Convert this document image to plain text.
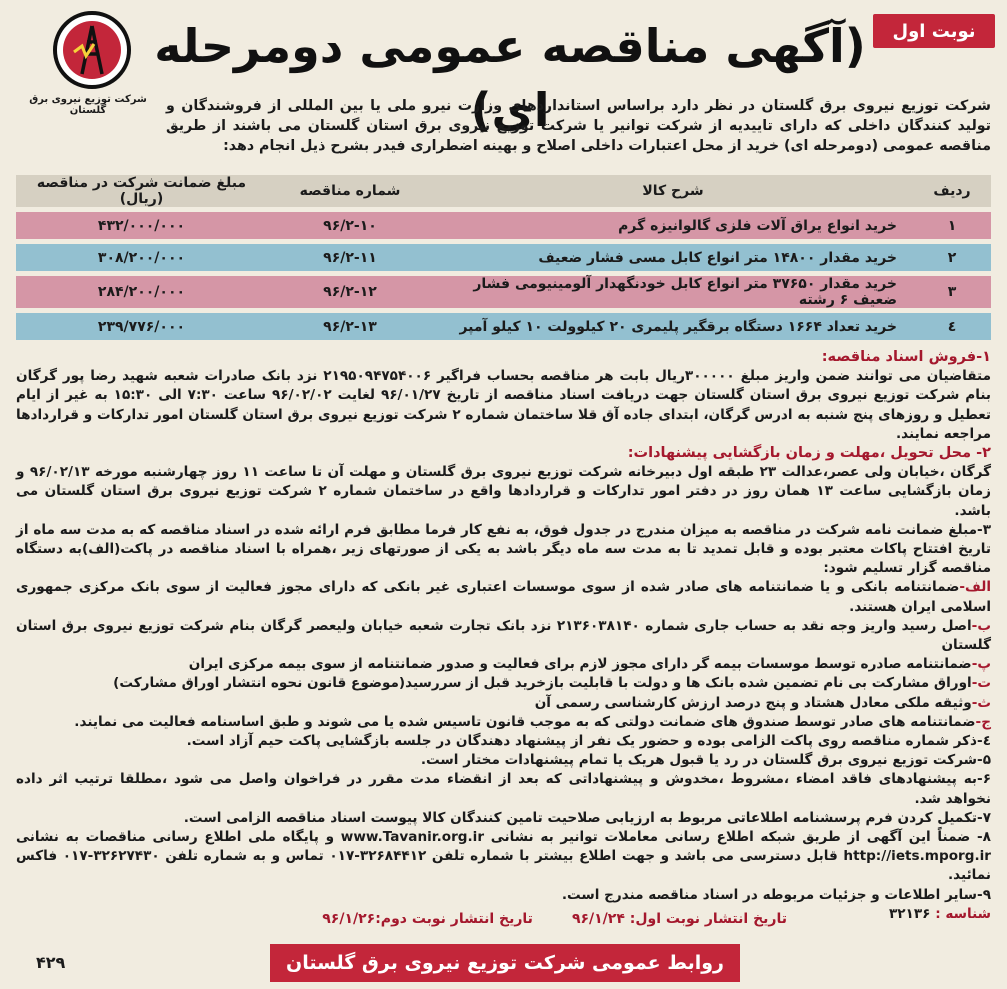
نوبت اول
(آگهی مناقصه عمومی دومرحله ای)
شرکت توزیع نیروی برق گلستان	شرکت توزیع نیروی برق گلستان در نظر دارد براساس استانداردهای وزارت نیرو ملی یا بین المللی از فروشندگان و تولید کنندگان داخلی که دارای تاییدیه از شرکت توانیر یا شرکت توزیع نیروی برق استان گلستان می باشند از طریق مناقصه عمومی (دومرحله ای) خرید از محل اعتبارات داخلی اصلاح و بهینه اضطراری فیدر بشرح ذیل انجام دهد:
ردیف	شرح کالا	شماره مناقصه	مبلغ ضمانت شرکت در مناقصه (ریال)
۱	خرید انواع یراق آلات فلزی گالوانیزه گرم	۹۶/۲-۱۰	۴۳۲/۰۰۰/۰۰۰
۲	خرید مقدار ۱۴۸۰۰ متر انواع کابل مسی فشار ضعیف	۹۶/۲-۱۱	۳۰۸/۲۰۰/۰۰۰
۳	خرید مقدار ۳۷۶۵۰ متر انواع کابل خودنگهدار آلومینیومی فشار ضعیف ۶ رشته	۹۶/۲-۱۲	۲۸۴/۲۰۰/۰۰۰
٤	خرید تعداد ۱۶۶۴ دستگاه برقگیر پلیمری ۲۰ کیلوولت ۱۰ کیلو آمپر	۹۶/۲-۱۳	۲۳۹/۷۷۶/۰۰۰

۱-فروش اسناد مناقصه:

متقاضیان می توانند ضمن واریز مبلغ ۳۰۰۰۰۰ریال بابت هر مناقصه بحساب فراگیر ۲۱۹۵۰۹۴۷۵۴۰۰۶ نزد بانک صادرات شعبه شهید رضا پور گرگان بنام شرکت توزیع نیروی برق استان گلستان جهت دریافت اسناد مناقصه از تاریخ ۹۶/۰۱/۲۷ لغایت ۹۶/۰۲/۰۲ ساعت ۷:۳۰ الی ۱۵:۳۰ به غیر از ایام تعطیل و روزهای پنج شنبه به ادرس گرگان، ابتدای جاده آق قلا ساختمان شماره ۲ شرکت توزیع نیروی برق استان گلستان امور تدارکات و قراردادها مراجعه نمایند.

۲- محل تحویل ،مهلت و زمان بازگشایی پیشنهادات:

گرگان ،خیابان ولی عصر،عدالت ۲۳ طبقه اول دبیرخانه شرکت توزیع نیروی برق گلستان و مهلت آن تا ساعت ۱۱ روز چهارشنبه مورخه ۹۶/۰۲/۱۳ و زمان بازگشایی ساعت ۱۳ همان روز در دفتر امور تدارکات و قراردادها واقع در ساختمان شماره ۲ شرکت توزیع نیروی برق استان گلستان می باشد.

۳-مبلغ ضمانت نامه شرکت در مناقصه به میزان مندرج در جدول فوق، به نفع کار فرما مطابق فرم ارائه شده در اسناد مناقصه که به مدت سه ماه از تاریخ افتتاح پاکات معتبر بوده و قابل تمدید تا به مدت سه ماه دیگر باشد به یکی از صورتهای زیر ،همراه با اسناد مناقصه در پاکت(الف)به دستگاه مناقصه گزار تسلیم شود:

الف-ضمانتنامه بانکی و یا ضمانتنامه های صادر شده از سوی موسسات اعتباری غیر بانکی که دارای مجوز فعالیت از سوی بانک مرکزی جمهوری اسلامی ایران هستند.

ب-اصل رسید واریز وجه نقد به حساب جاری شماره ۲۱۳۶۰۳۸۱۴۰ نزد بانک تجارت شعبه خیابان ولیعصر گرگان بنام شرکت توزیع نیروی برق استان گلستان

پ-ضمانتنامه صادره توسط موسسات بیمه گر دارای مجوز لازم برای فعالیت و صدور ضمانتنامه از سوی بیمه مرکزی ایران

ت-اوراق مشارکت بی نام تضمین شده بانک ها و دولت با قابلیت بازخرید قبل از سررسید(موضوع قانون نحوه انتشار اوراق مشارکت)

ث-وثیقه ملکی معادل هشتاد و پنج درصد ارزش کارشناسی رسمی آن

ج-ضمانتنامه های صادر توسط صندوق های ضمانت دولتی که به موجب قانون تاسیس شده یا می شوند و طبق اساسنامه فعالیت می نمایند.

٤-ذکر شماره مناقصه روی پاکت الزامی بوده و حضور یک نفر از پیشنهاد دهندگان در جلسه بازگشایی پاکت حیم آزاد است.

۵-شرکت توزیع نیروی برق گلستان در رد یا قبول هریک یا تمام پیشنهادات مختار است.

۶-به پیشنهادهای فاقد امضاء ،مشروط ،مخدوش و پیشنهاداتی که بعد از انقضاء مدت مقرر در فراخوان واصل می شود ،مطلقا ترتیب اثر داده نخواهد شد.

۷-تکمیل کردن فرم پرسشنامه اطلاعاتی مربوط به ارزیابی صلاحیت تامین کنندگان کالا پیوست اسناد مناقصه الزامی است.

۸- ضمناً این آگهی از طریق شبکه اطلاع رسانی معاملات توانیر به نشانی www.Tavanir.org.ir و پایگاه ملی اطلاع رسانی مناقصات به نشانی http://iets.mporg.ir قابل دسترسی می باشد و جهت اطلاع بیشتر با شماره تلفن ۳۲۶۸۴۴۱۲-۰۱۷ تماس و به شماره تلفن ۳۲۶۲۷۴۳۰-۰۱۷ فاکس نمائید.

۹-سایر اطلاعات و جزئیات مربوطه در اسناد مناقصه مندرج است.

شناسه : ۳۲۱۳۶

تاریخ انتشار نوبت اول: ۹۶/۱/۲۴        تاریخ انتشار نوبت دوم:۹۶/۱/۲۶
۴۲۹	روابط عمومی شرکت توزیع نیروی برق گلستان
